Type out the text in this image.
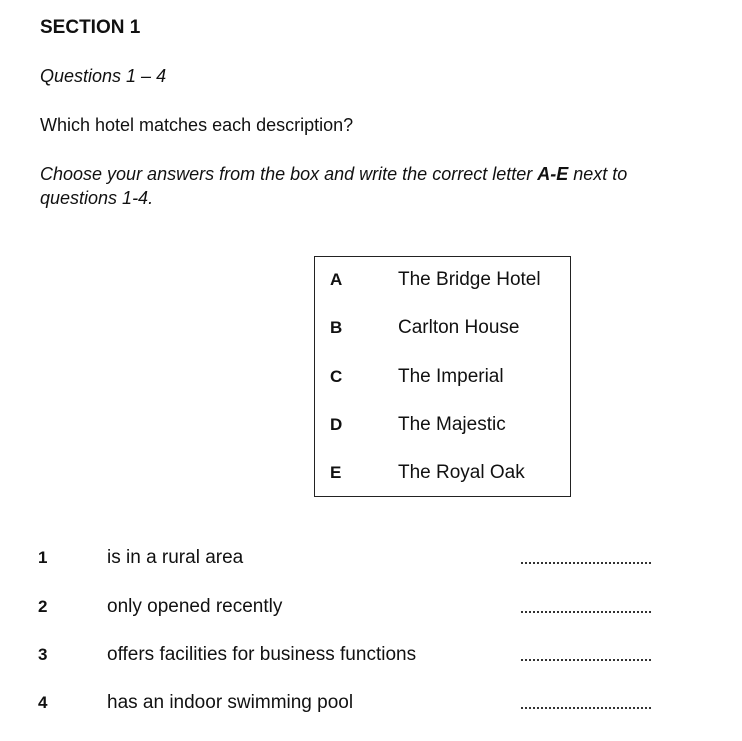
SECTION 1
Questions 1 – 4
Which hotel matches each description?
Choose your answers from the box and write the correct letter A-E next to
questions 1-4.
A	The Bridge Hotel
B	Carlton House
C	The Imperial
D	The Majestic
E	The Royal Oak
1	is in a rural area
2	only opened recently
3	offers facilities for business functions
4	has an indoor swimming pool
